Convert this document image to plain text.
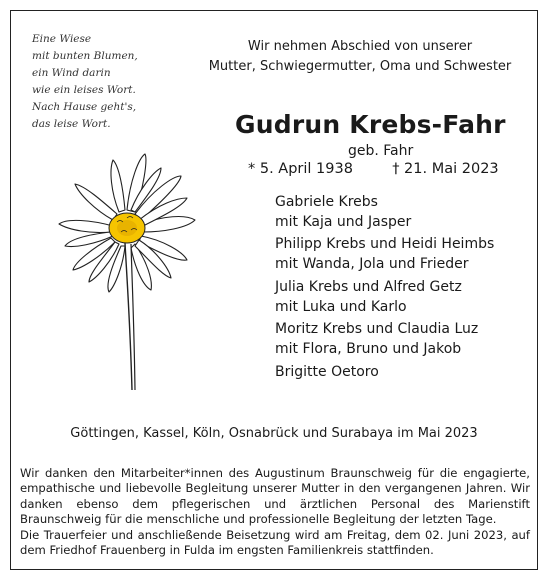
Eine Wiese
mit bunten Blumen,
ein Wind darin
wie ein leises Wort.
Nach Hause geht's,
das leise Wort.
Wir nehmen Abschied von unserer
Mutter, Schwiegermutter, Oma und Schwester
Gudrun Krebs-Fahr
geb. Fahr
* 5. April 1938	† 21. Mai 2023
Gabriele Krebs
mit Kaja und Jasper
Philipp Krebs und Heidi Heimbs
mit Wanda, Jola und Frieder
Julia Krebs und Alfred Getz
mit Luka und Karlo
Moritz Krebs und Claudia Luz
mit Flora, Bruno und Jakob
Brigitte Oetoro
Göttingen, Kassel, Köln, Osnabrück und Surabaya im Mai 2023

Wir danken den Mitarbeiter*innen des Augustinum Braunschweig für die engagierte, empathische und liebevolle Begleitung unserer Mutter in den vergangenen Jahren. Wir danken ebenso dem pflegerischen und ärztlichen Personal des Marienstift Braunschweig für die menschliche und professionelle Begleitung der letzten Tage.

Die Trauerfeier und anschließende Beisetzung wird am Freitag, dem 02. Juni 2023, auf dem Friedhof Frauenberg in Fulda im engsten Familienkreis stattfinden.
